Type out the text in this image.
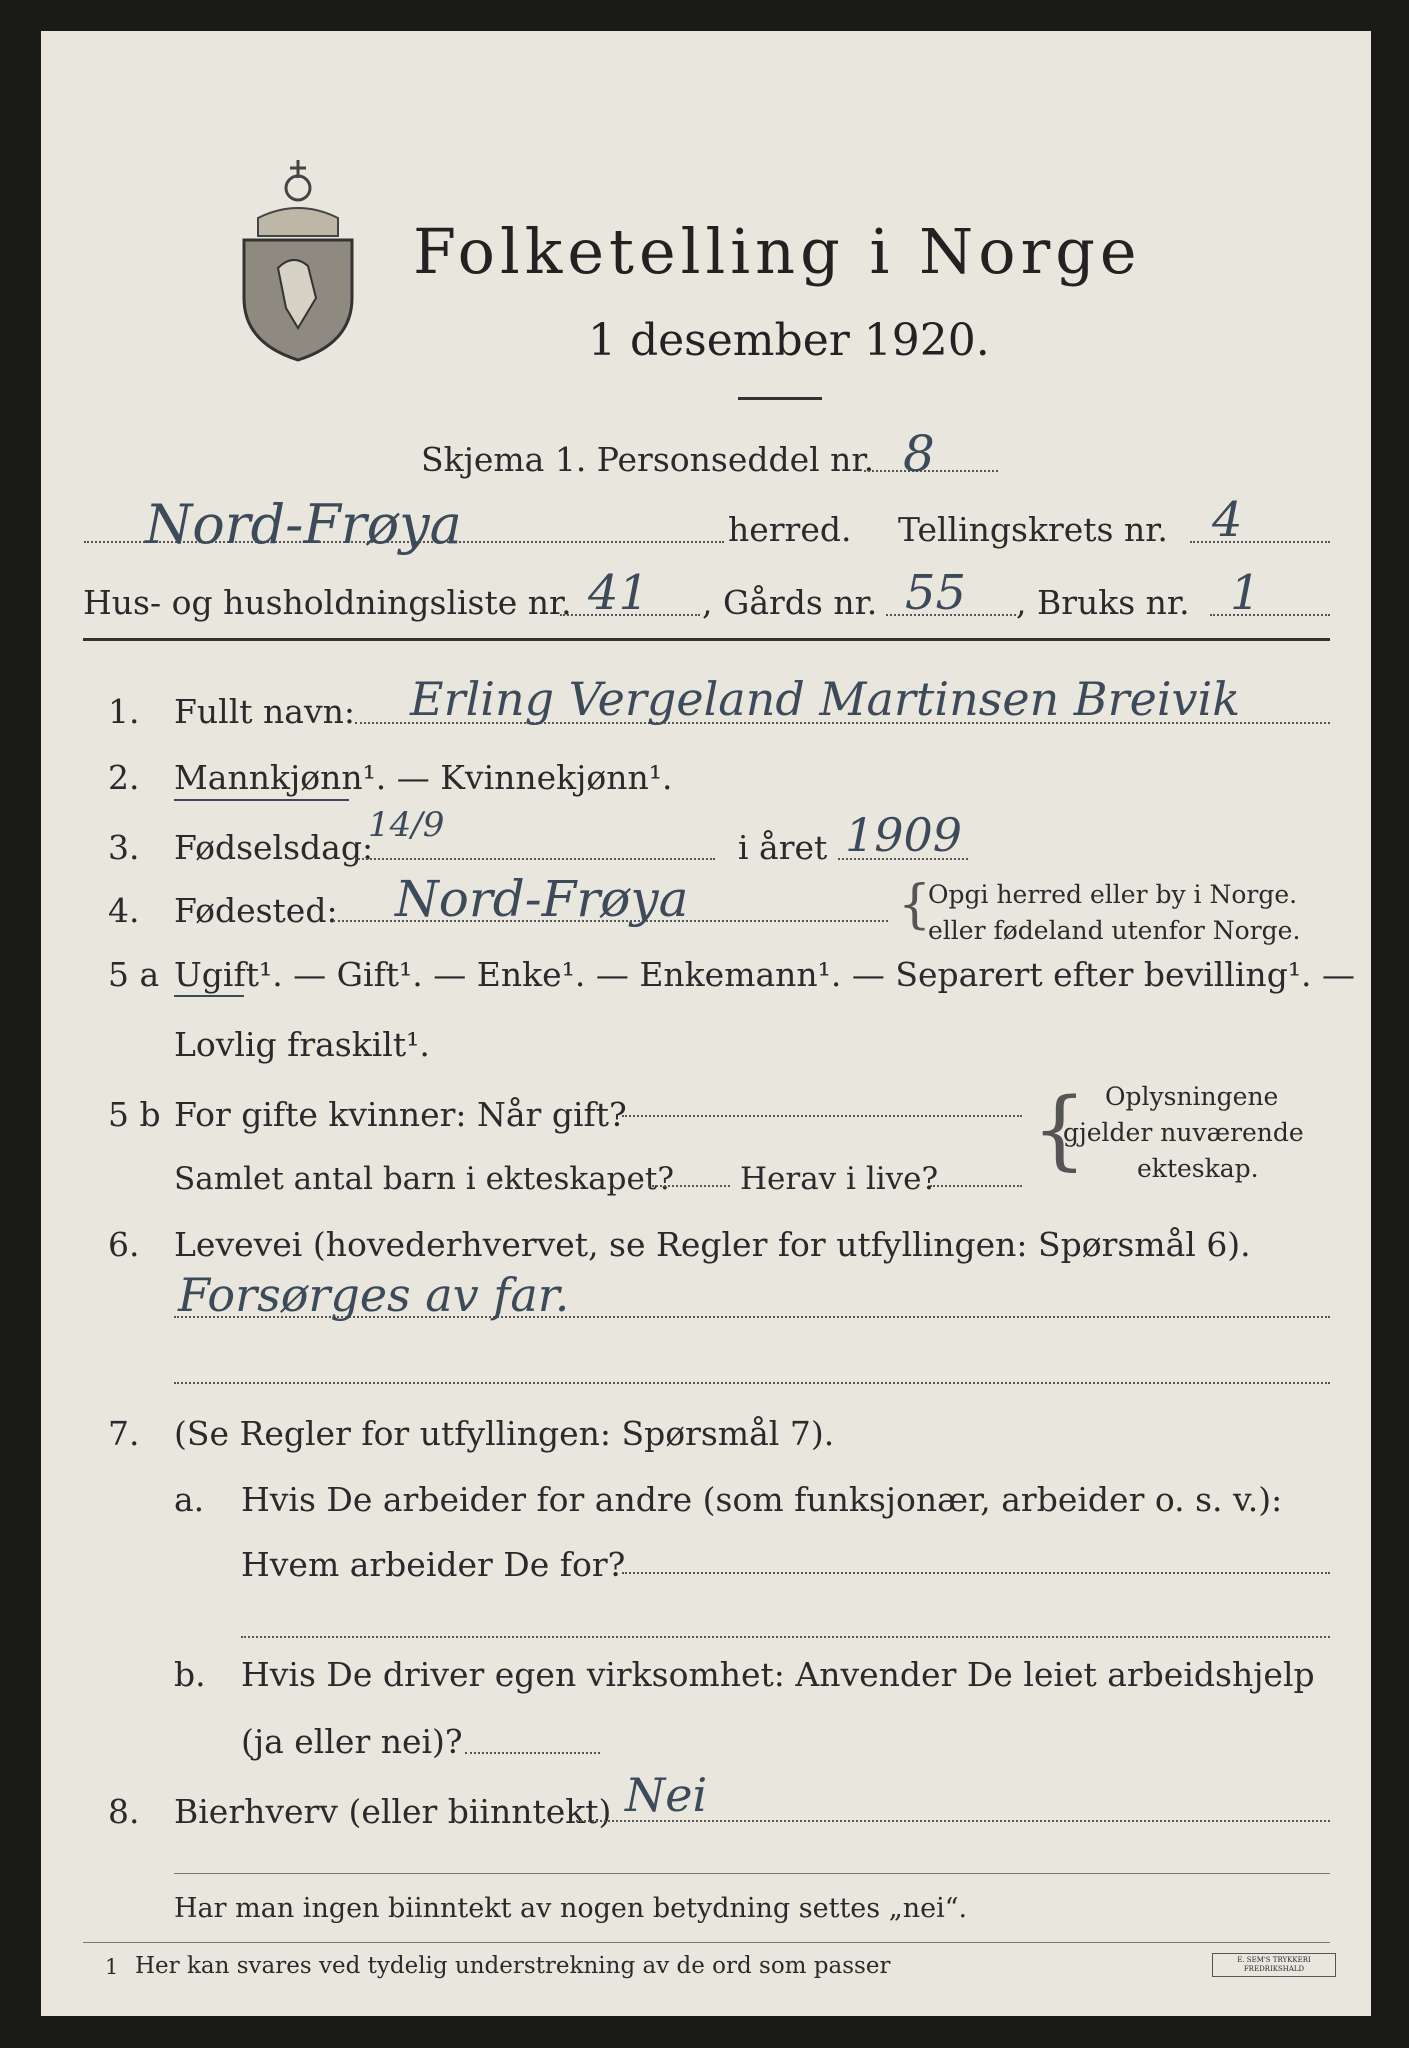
Folketelling i Norge
1 desember 1920.
Skjema 1. Personseddel nr. 8
Nord-Frøya	herred. Tellingskrets nr. 4
Hus- og husholdningsliste nr. 41 , Gårds nr. 55 , Bruks nr. 1
1. Fullt navn: Erling Vergeland Martinsen Breivik
2. Mannkjønn¹. — Kvinnekjønn¹.
3. Fødselsdag:
14/9
i året 1909
4. Fødested: Nord-Frøya	{
Opgi herred eller by i Norge.
eller fødeland utenfor Norge.
5 a Ugift¹. — Gift¹. — Enke¹. — Enkemann¹. — Separert efter bevilling¹. —
Lovlig fraskilt¹.
5 b For gifte kvinner: Når gift?	{ Oplysningene
gjelder nuværende
ekteskap.
Samlet antal barn i ekteskapet? Herav i live?
6. Levevei (hovederhvervet, se Regler for utfyllingen: Spørsmål 6).
Forsørges av far.
7. (Se Regler for utfyllingen: Spørsmål 7).
a. Hvis De arbeider for andre (som funksjonær, arbeider o. s. v.):
Hvem arbeider De for?
b. Hvis De driver egen virksomhet: Anvender De leiet arbeidshjelp
(ja eller nei)?
8. Bierhverv (eller biinntekt) Nei
Har man ingen biinntekt av nogen betydning settes „nei“.
1 Her kan svares ved tydelig understrekning av de ord som passer	E. SEM'S TRYKKERI FREDRIKSHALD
